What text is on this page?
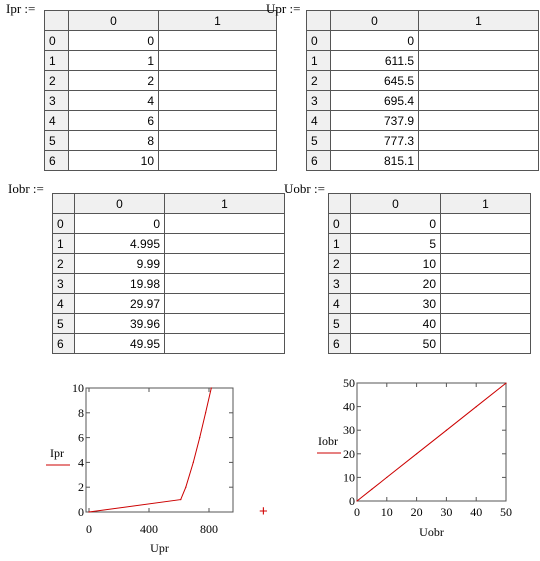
Ipr :=
	0	1
0	0	
1	1	
2	2	
3	4	
4	6	
5	8	
6	10	
Upr :=
	0	1
0	0	
1	611.5	
2	645.5	
3	695.4	
4	737.9	
5	777.3	
6	815.1	
Iobr :=
	0	1
0	0	
1	4.995	
2	9.99	
3	19.98	
4	29.97	
5	39.96	
6	49.95	
Uobr :=
	0	1
0	0	
1	5	
2	10	
3	20	
4	30	
5	40	
6	50	
0
2
4
6
8
10
0	400	800
Upr
Ipr
0
10
20
30
40
50
0 10 20 30 40 50
Uobr
Iobr
+
